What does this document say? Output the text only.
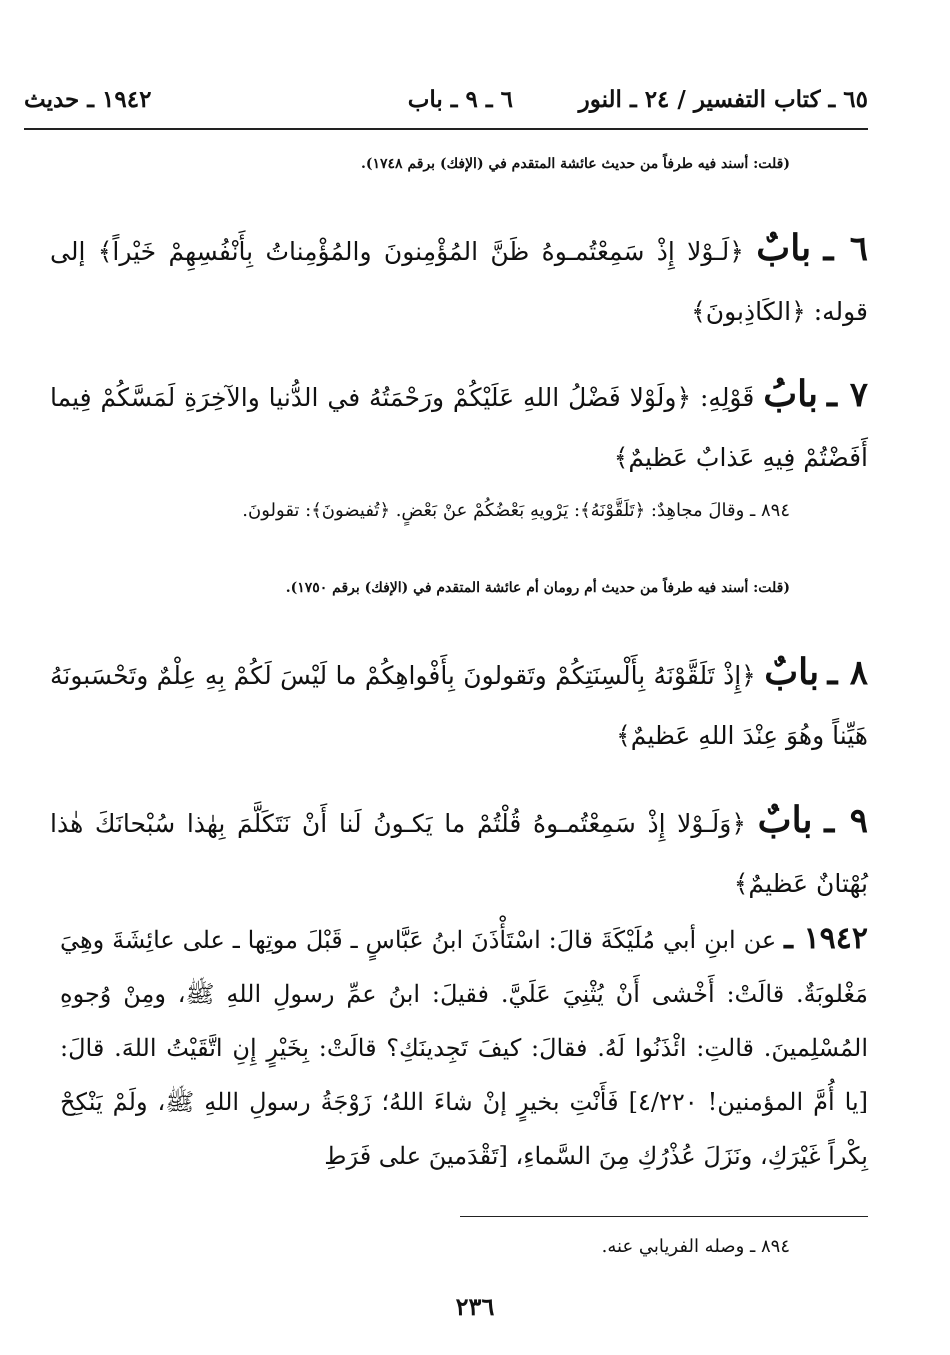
٦٥ ـ كتاب التفسير / ٢٤ ـ النور
٦ ـ ٩ ـ باب
١٩٤٢ ـ حديث
(قلت: أسند فيه طرفاً من حديث عائشة المتقدم في (الإفك) برقم ١٧٤٨).
٦ ـ بابٌ ﴿لَـوْلا إِذْ سَمِعْتُمـوهُ ظَنَّ المُؤْمِنونَ والمُؤْمِناتُ بِأَنْفُسِهِمْ خَيْراً﴾ إلى قوله: ﴿الكَاذِبونَ﴾
٧ ـ بابُ قَوْلِهِ: ﴿ولَوْلا فَضْلُ اللهِ عَلَيْكُمْ ورَحْمَتُهُ في الدُّنيا والآخِرَةِ لَمَسَّكُمْ فِيما أَفَضْتُمْ فِيهِ عَذابٌ عَظيمٌ﴾
٨٩٤ ـ وقالَ مجاهِدٌ: ﴿تَلَقَّوْنَهُ﴾: يَرْويهِ بَعْضُكُمْ عنْ بَعْضٍ. ﴿تُفيضونَ﴾: تقولونَ.
(قلت: أسند فيه طرفاً من حديث أم رومان أم عائشة المتقدم في (الإفك) برقم ١٧٥٠).
٨ ـ بابٌ ﴿إِذْ تَلَقَّوْنَهُ بِأَلْسِنَتِكُمْ وتَقولونَ بِأَفْواهِكُمْ ما لَيْسَ لَكُمْ بِهِ عِلْمٌ وتَحْسَبونَهُ هَيِّناً وهُوَ عِنْدَ اللهِ عَظيمٌ﴾
٩ ـ بابٌ ﴿وَلَـوْلا إِذْ سَمِعْتُمـوهُ قُلْتُمْ ما يَكـونُ لَنا أَنْ نَتَكَلَّمَ بِهٰذا سُبْحانَكَ هٰذا بُهْتانٌ عَظيمٌ﴾
١٩٤٢ ـ عن ابنِ أبي مُلَيْكَةَ قالَ: اسْتَأْذَنَ ابنُ عَبَّاسٍ ـ قَبْلَ موتِها ـ على عائِشَةَ وهِيَ مَغْلوبَةٌ. قالَتْ: أَخْشى أَنْ يُثْنِيَ عَلَيَّ. فقيلَ: ابنُ عمِّ رسولِ اللهِ ﷺ، ومِنْ وُجوهِ المُسْلِمينَ. قالتِ: ائْذَنُوا لَهُ. فقالَ: كيفَ تَجِدينَكِ؟ قالَتْ: بِخَيْرٍ إِنِ اتَّقَيْتُ اللهَ. قالَ: [يا أُمَّ المؤمنين! ٤/٢٢٠] فَأَنْتِ بخيرٍ إنْ شاءَ اللهُ؛ زَوْجَةُ رسولِ اللهِ ﷺ، ولَمْ يَنْكِحْ بِكْراً غَيْرَكِ، ونَزَلَ عُذْرُكِ مِنَ السَّماءِ، [تَقْدَمينَ على فَرَطِ
٨٩٤ ـ وصله الفريابي عنه.
٢٣٦
